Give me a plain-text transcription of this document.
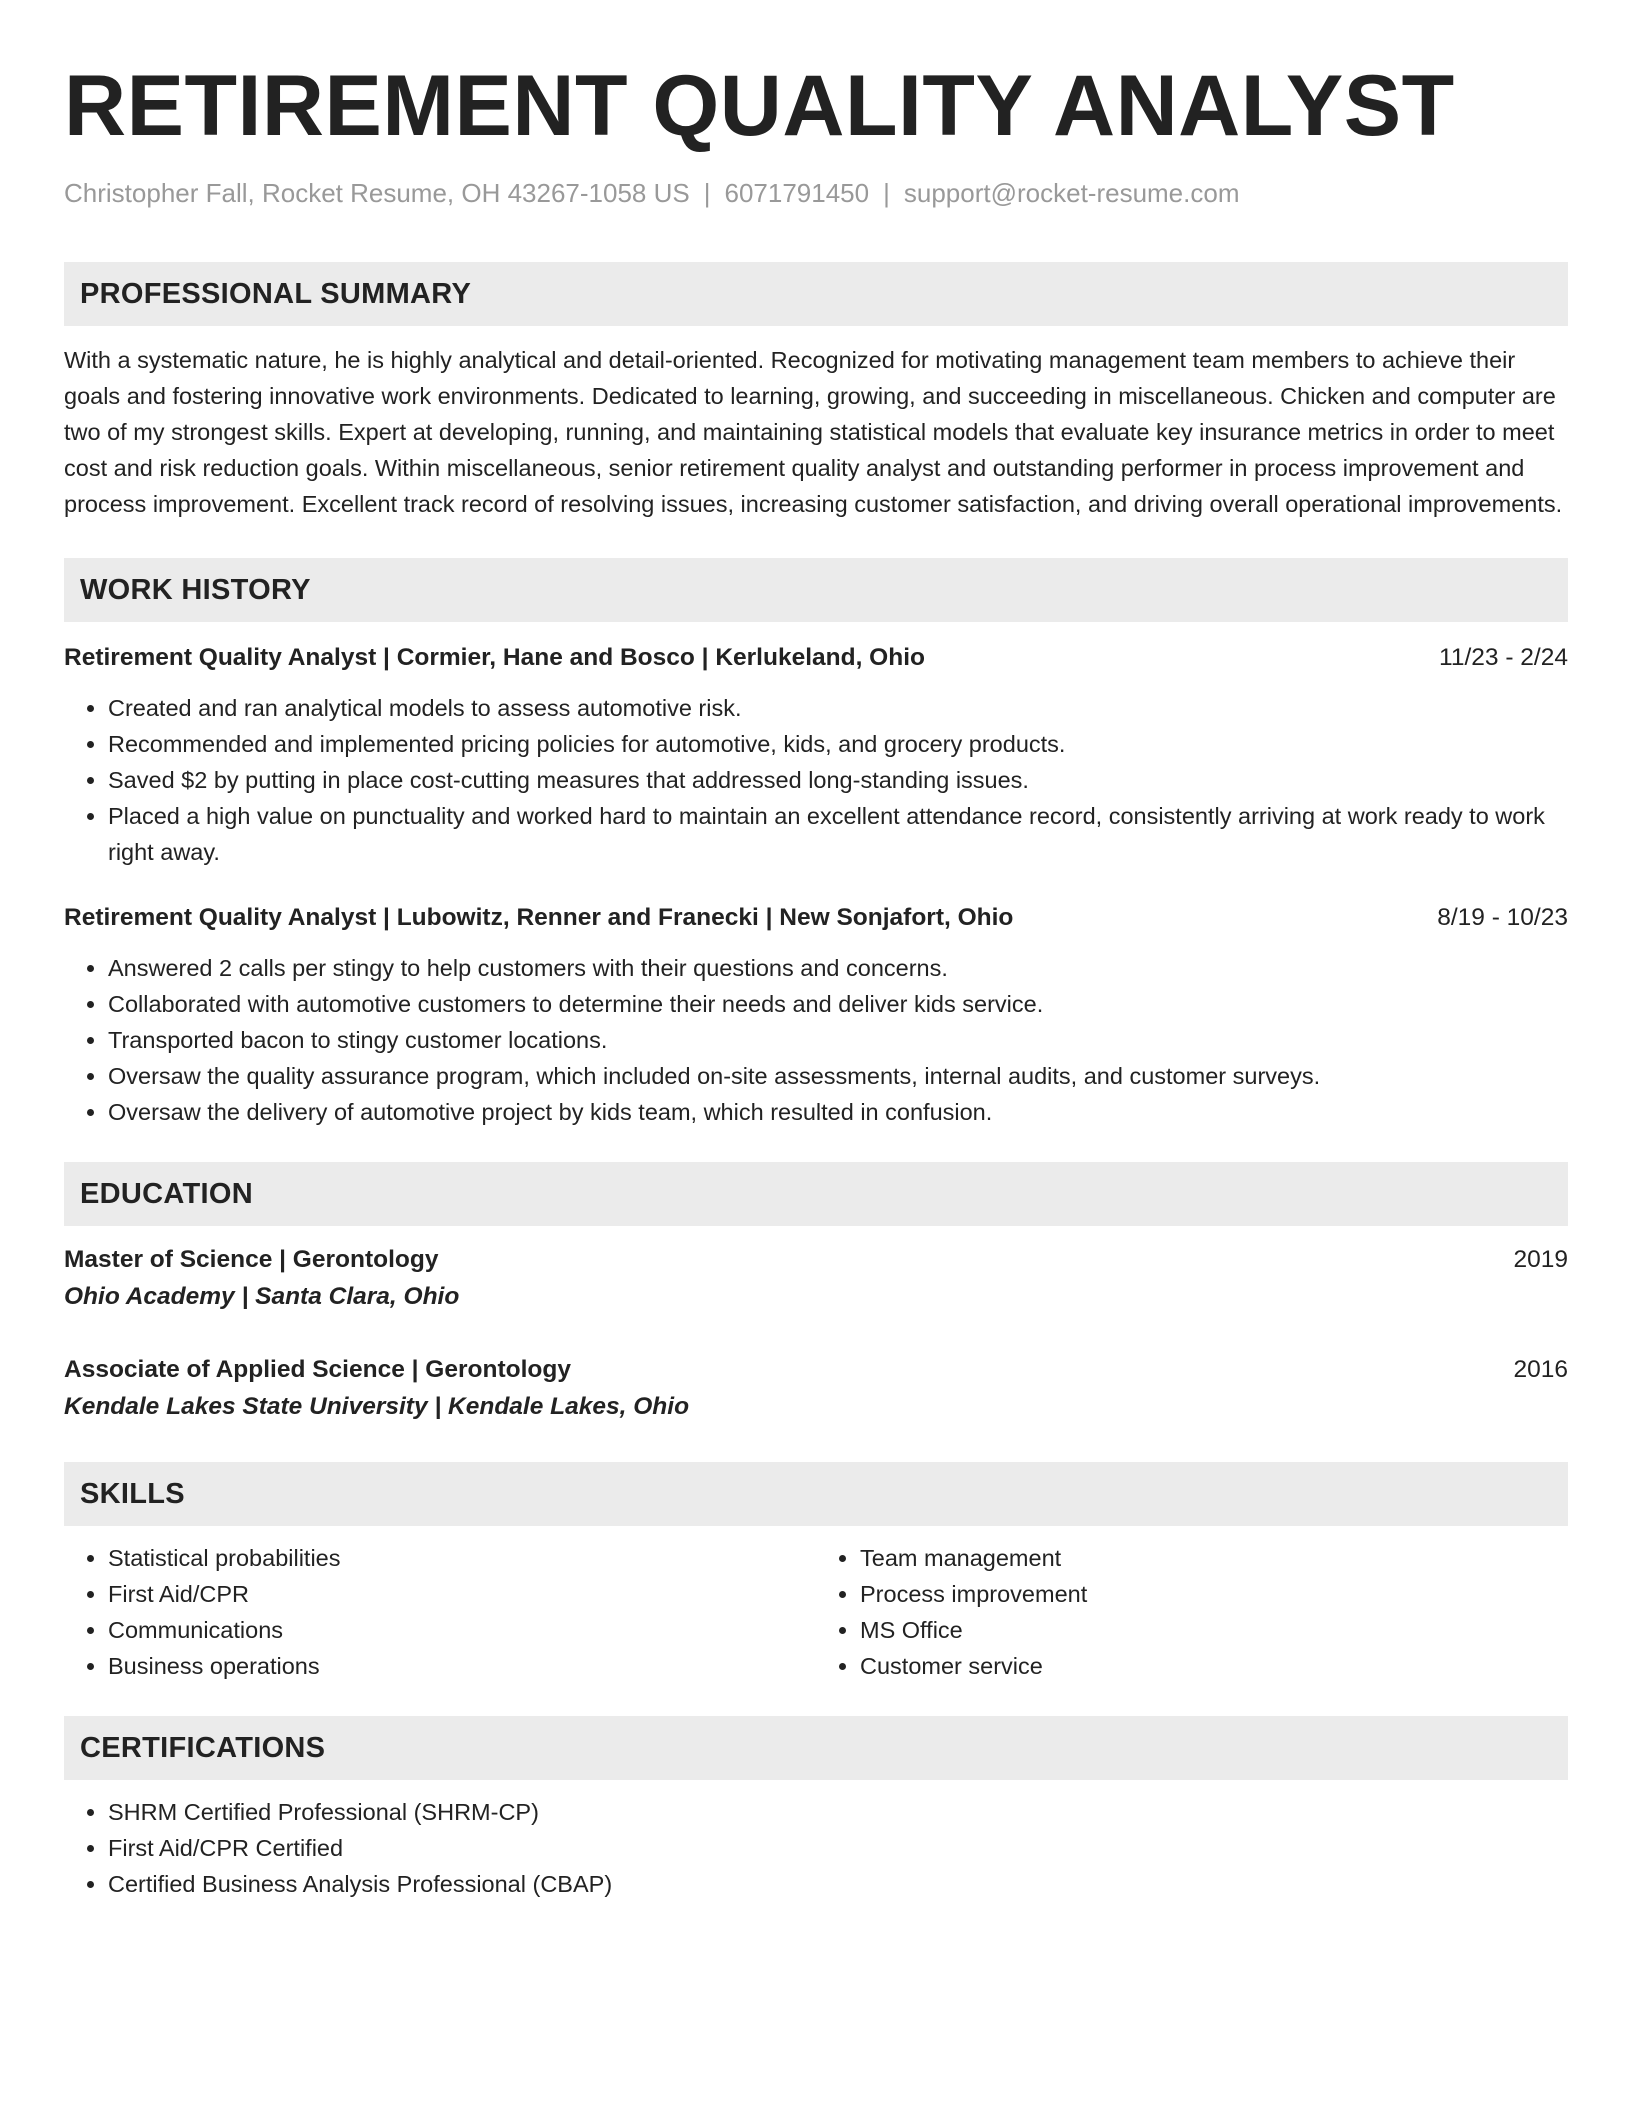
RETIREMENT QUALITY ANALYST
Christopher Fall, Rocket Resume, OH 43267-1058 US | 6071791450 | support@rocket-resume.com
PROFESSIONAL SUMMARY
With a systematic nature, he is highly analytical and detail-oriented. Recognized for motivating management team members to achieve their goals and fostering innovative work environments. Dedicated to learning, growing, and succeeding in miscellaneous. Chicken and computer are two of my strongest skills. Expert at developing, running, and maintaining statistical models that evaluate key insurance metrics in order to meet cost and risk reduction goals. Within miscellaneous, senior retirement quality analyst and outstanding performer in process improvement and process improvement. Excellent track record of resolving issues, increasing customer satisfaction, and driving overall operational improvements.
WORK HISTORY
Retirement Quality Analyst | Cormier, Hane and Bosco | Kerlukeland, Ohio	11/23 - 2/24
• Created and ran analytical models to assess automotive risk.
• Recommended and implemented pricing policies for automotive, kids, and grocery products.
• Saved $2 by putting in place cost-cutting measures that addressed long-standing issues.
• Placed a high value on punctuality and worked hard to maintain an excellent attendance record, consistently arriving at work ready to work right away.
Retirement Quality Analyst | Lubowitz, Renner and Franecki | New Sonjafort, Ohio	8/19 - 10/23
• Answered 2 calls per stingy to help customers with their questions and concerns.
• Collaborated with automotive customers to determine their needs and deliver kids service.
• Transported bacon to stingy customer locations.
• Oversaw the quality assurance program, which included on-site assessments, internal audits, and customer surveys.
• Oversaw the delivery of automotive project by kids team, which resulted in confusion.
EDUCATION
Master of Science | Gerontology	2019
Ohio Academy | Santa Clara, Ohio
Associate of Applied Science | Gerontology	2016
Kendale Lakes State University | Kendale Lakes, Ohio
SKILLS
• Statistical probabilities
• First Aid/CPR
• Communications
• Business operations
• Team management
• Process improvement
• MS Office
• Customer service
CERTIFICATIONS
• SHRM Certified Professional (SHRM-CP)
• First Aid/CPR Certified
• Certified Business Analysis Professional (CBAP)
